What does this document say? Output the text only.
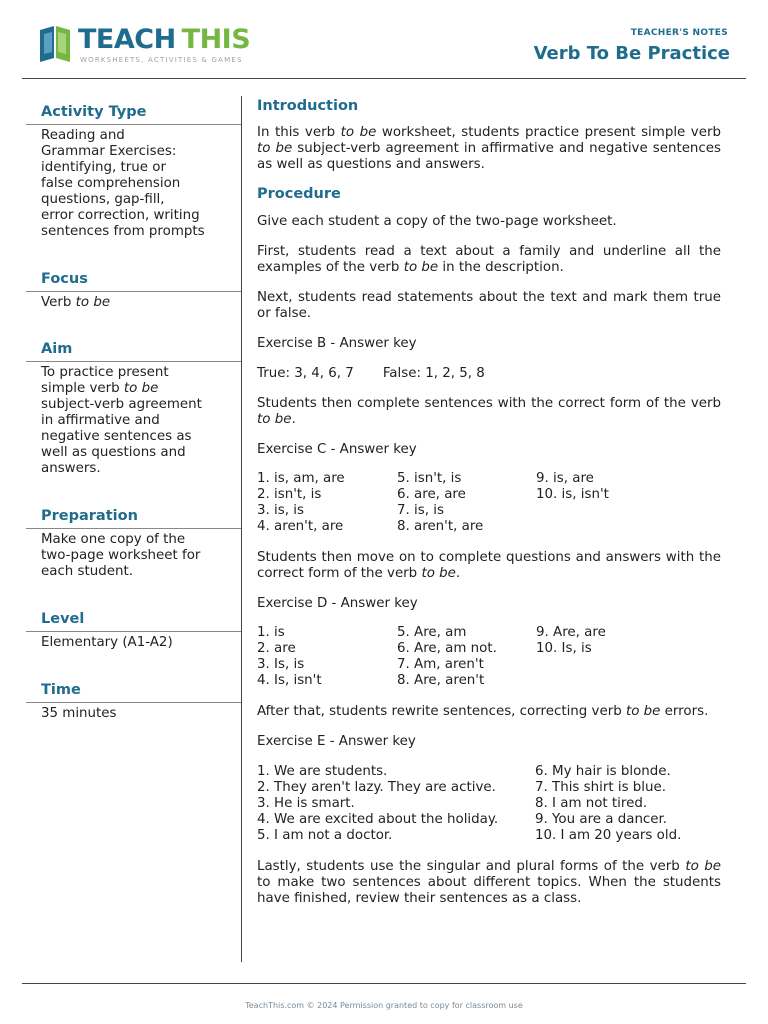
TEACH THIS
WORKSHEETS, ACTIVITIES & GAMES
TEACHER'S NOTES
Verb To Be Practice
Activity Type
Reading and
Grammar Exercises:
identifying, true or
false comprehension
questions, gap-fill,
error correction, writing
sentences from prompts
Focus
Verb to be
Aim
To practice present
simple verb to be
subject-verb agreement
in affirmative and
negative sentences as
well as questions and
answers.
Preparation
Make one copy of the
two-page worksheet for
each student.
Level
Elementary (A1-A2)
Time
35 minutes
Introduction

In this verb to be worksheet, students practice present simple verb to be subject-verb agreement in affirmative and negative sentences as well as questions and answers.

Procedure

Give each student a copy of the two-page worksheet.

First, students read a text about a family and underline all the examples of the verb to be in the description.

Next, students read statements about the text and mark them true or false.

Exercise B - Answer key

True: 3, 4, 6, 7 False: 1, 2, 5, 8

Students then complete sentences with the correct form of the verb to be.

Exercise C - Answer key

1. is, am, are	5. isn't, is	9. is, are
2. isn't, is	6. are, are	10. is, isn't
3. is, is	7. is, is
4. aren't, are	8. aren't, are

Students then move on to complete questions and answers with the correct form of the verb to be.

Exercise D - Answer key

1. is	5. Are, am	9. Are, are
2. are	6. Are, am not.	10. Is, is
3. Is, is	7. Am, aren't
4. Is, isn't	8. Are, aren't

After that, students rewrite sentences, correcting verb to be errors.

Exercise E - Answer key

1. We are students.	6. My hair is blonde.
2. They aren't lazy. They are active.	7. This shirt is blue.
3. He is smart.	8. I am not tired.
4. We are excited about the holiday.	9. You are a dancer.
5. I am not a doctor.	10. I am 20 years old.

Lastly, students use the singular and plural forms of the verb to be to make two sentences about different topics. When the students have finished, review their sentences as a class.

TeachThis.com © 2024 Permission granted to copy for classroom use
